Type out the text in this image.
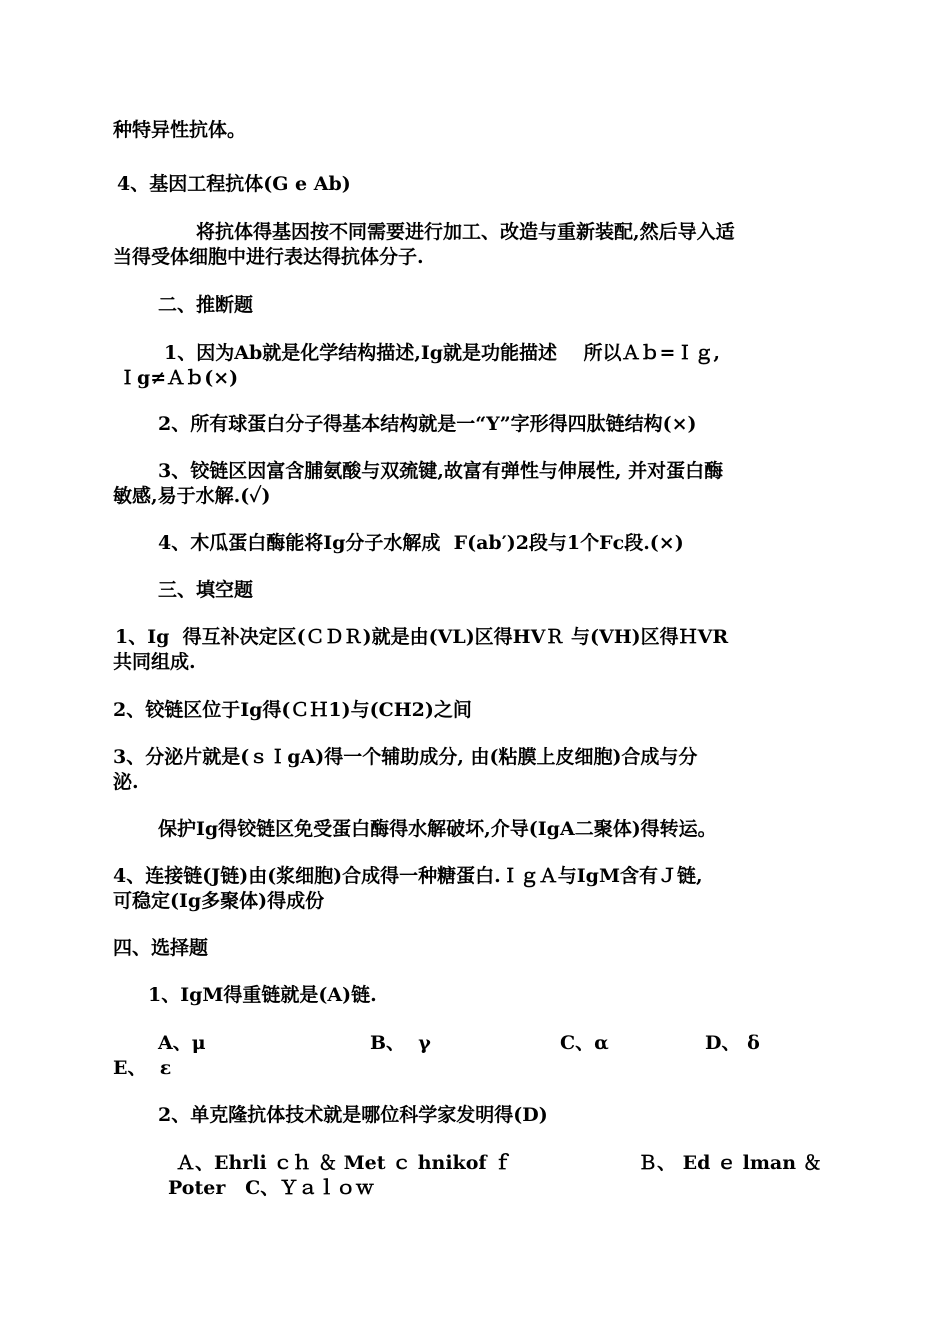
种特异性抗体。
4、基因工程抗体(G e Ab)
将抗体得基因按不同需要进行加工、改造与重新装配,然后导入适
当得受体细胞中进行表达得抗体分子.
二、推断题
1、因为Ab就是化学结构描述,Ig就是功能描述    所以Ａｂ=Ｉｇ,
Ｉg≠Ａｂ(×)
2、所有球蛋白分子得基本结构就是一“Y”字形得四肽链结构(×)
3、铰链区因富含脯氨酸与双巯键,故富有弹性与伸展性, 并对蛋白酶
敏感,易于水解.(✓)
4、木瓜蛋白酶能将Ig分子水解成  F(ab′)2段与1个Fc段.(×)
三、填空题
1、Ig  得互补决定区(ＣＤＲ)就是由(VL)区得HVＲ 与(VH)区得ＨVR
共同组成.
2、铰链区位于Ig得(ＣＨ1)与(CH2)之间
3、分泌片就是(ｓＩgA)得一个辅助成分, 由(粘膜上皮细胞)合成与分
泌.
保护Ig得铰链区免受蛋白酶得水解破坏,介导(IgA二聚体)得转运。
4、连接链(J链)由(浆细胞)合成得一种糖蛋白.ＩｇＡ与IgM含有Ｊ链,
可稳定(Ig多聚体)得成份
四、选择题
1、IgM得重链就是(A)链.
A、μ	B、  γ	C、α	D、 δ
E、  ε
2、单克隆抗体技术就是哪位科学家发明得(D)
Ａ、Ehrli ｃｈ ＆ Met ｃ hnikof ｆ	Ｂ、 Ed ｅ lman ＆
Poter   C、Ｙａｌｏｗ
